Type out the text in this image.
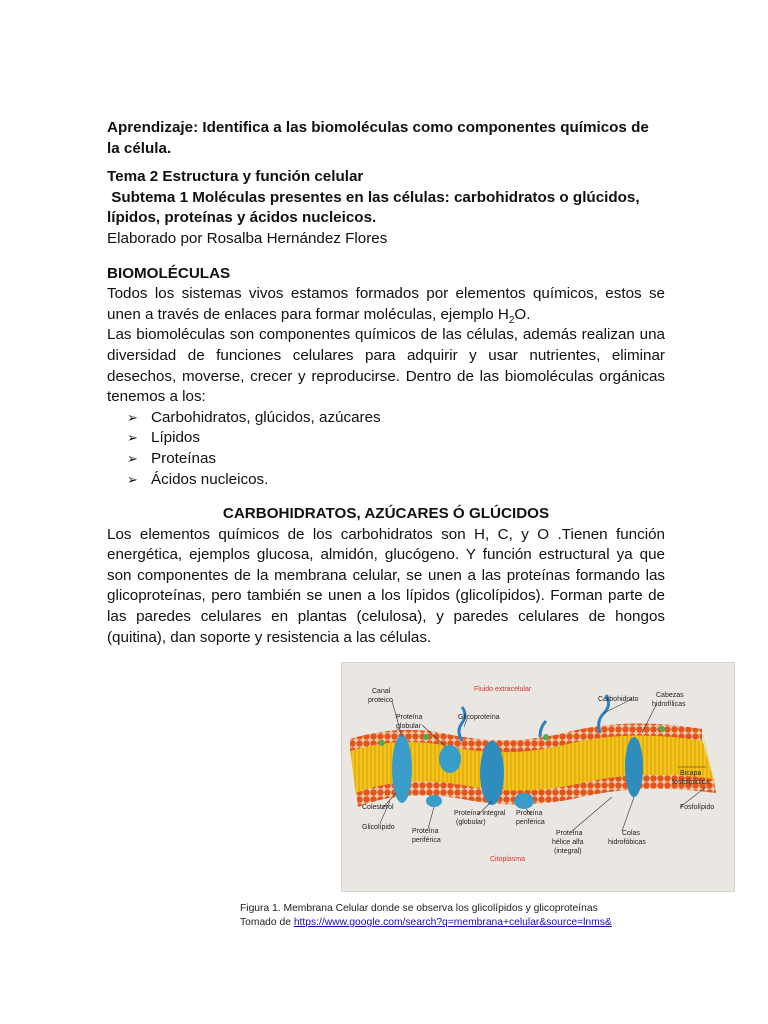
Aprendizaje: Identifica a las biomoléculas como componentes químicos de la célula.

Tema 2 Estructura y función celular

Subtema 1 Moléculas presentes en las células: carbohidratos o glúcidos, lípidos, proteínas y ácidos nucleicos.

Elaborado por Rosalba Hernández Flores

BIOMOLÉCULAS

Todos los sistemas vivos estamos formados por elementos químicos, estos se unen a través de enlaces para formar moléculas, ejemplo $H_2O$.

Las biomoléculas son componentes químicos de las células, además realizan una diversidad de funciones celulares para adquirir y usar nutrientes, eliminar desechos, moverse, crecer y reproducirse. Dentro de las biomoléculas orgánicas tenemos a los:

➢ Carbohidratos, glúcidos, azúcares
➢ Lípidos
➢ Proteínas
➢ Ácidos nucleicos.

CARBOHIDRATOS, AZÚCARES Ó GLÚCIDOS

Los elementos químicos de los carbohidratos son H, C, y O .Tienen función energética, ejemplos glucosa, almidón, glucógeno. Y función estructural ya que son componentes de la membrana celular, se unen a las proteínas formando las glicoproteínas, pero también se unen a los lípidos (glicolípidos). Forman parte de las paredes celulares en plantas (celulosa), y paredes celulares de hongos (quitina), dan soporte y resistencia a las células.

Canal
proteico
Fluido extracelular
Carbohidrato
Cabezas
hidrofílicas
Proteína
globular
Glicoproteína
Bicapa
fosfolipídica
Colesterol
Glicolípido
Proteína
periférica
Proteína integral
(globular)
Proteína
periférica
Proteína
hélice alfa
(integral)
Colas
hidrofóbicas
Fosfolípido
Citoplasma
Figura 1. Membrana Celular donde se observa los glicolípidos y glicoproteínas
Tomado de https://www.google.com/search?q=membrana+celular&source=lnms&
